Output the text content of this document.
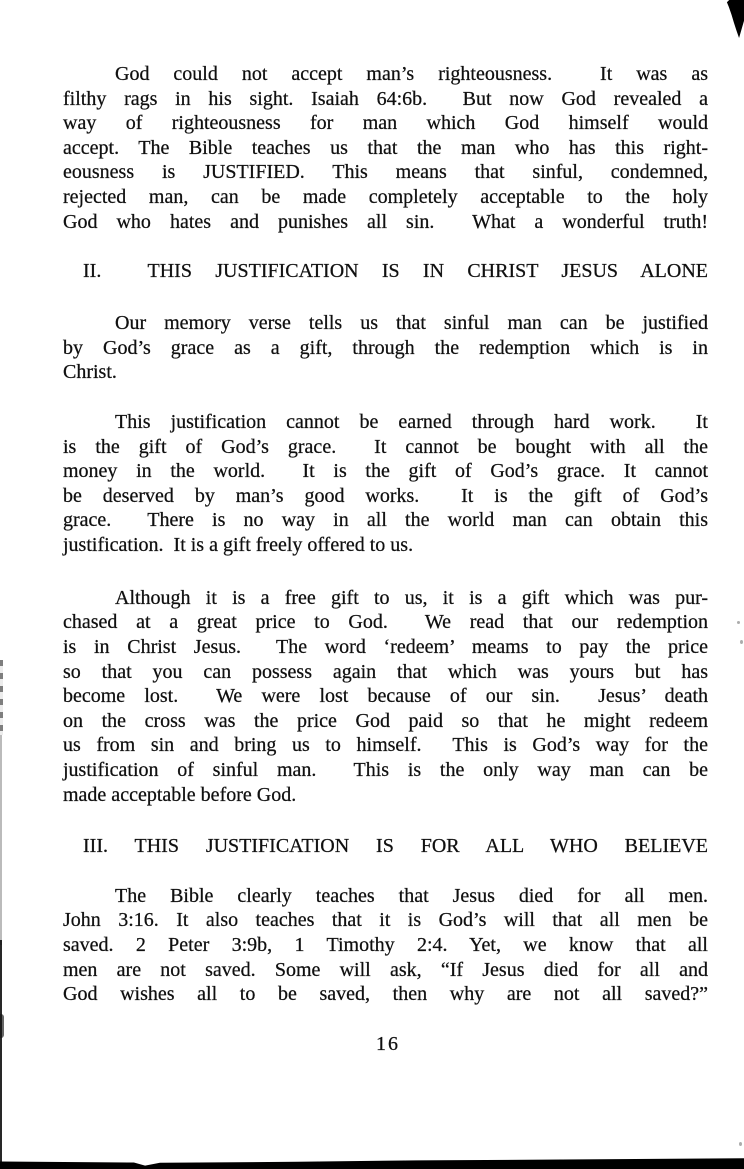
God could not accept man’s righteousness.  It was as
filthy rags in his sight. Isaiah 64:6b.  But now God revealed a
way of righteousness for man which God himself would
accept. The Bible teaches us that the man who has this right-
eousness is JUSTIFIED. This means that sinful, condemned,
rejected man, can be made completely acceptable to the holy
God who hates and punishes all sin.  What a wonderful truth!

II.  THIS JUSTIFICATION IS IN CHRIST JESUS ALONE

Our memory verse tells us that sinful man can be justified
by God’s grace as a gift, through the redemption which is in
Christ.

This justification cannot be earned through hard work.  It
is the gift of God’s grace.  It cannot be bought with all the
money in the world.  It is the gift of God’s grace. It cannot
be deserved by man’s good works.  It is the gift of God’s
grace.  There is no way in all the world man can obtain this
justification.  It is a gift freely offered to us.

Although it is a free gift to us, it is a gift which was pur-
chased at a great price to God.  We read that our redemption
is in Christ Jesus.  The word ‘redeem’ meams to pay the price
so that you can possess again that which was yours but has
become lost.  We were lost because of our sin.  Jesus’ death
on the cross was the price God paid so that he might redeem
us from sin and bring us to himself.  This is God’s way for the
justification of sinful man.  This is the only way man can be
made acceptable before God.

III. THIS JUSTIFICATION IS FOR ALL WHO BELIEVE

The Bible clearly teaches that Jesus died for all men.
John 3:16. It also teaches that it is God’s will that all men be
saved. 2 Peter 3:9b, 1 Timothy 2:4. Yet, we know that all
men are not saved. Some will ask, “If Jesus died for all and
God wishes all to be saved, then why are not all saved?”

16
